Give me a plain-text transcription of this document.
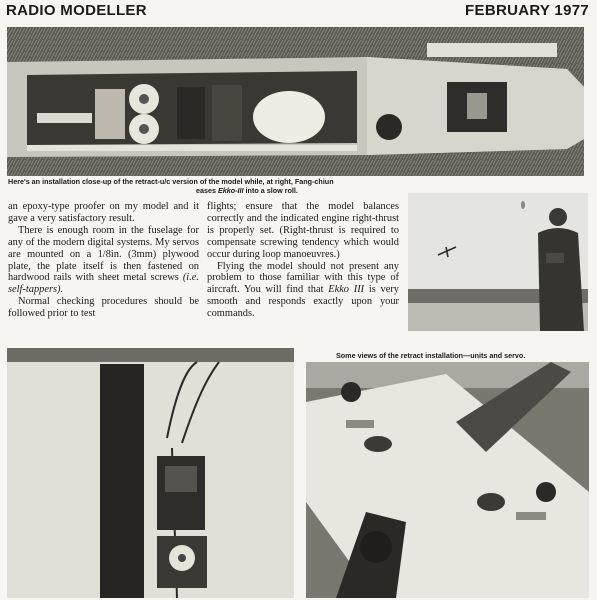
RADIO MODELLER	FEBRUARY 1977
Here's an installation close-up of the retract-u/c version of the model while, at right, Fang-chiun
eases Ekko-III into a slow roll.

an epoxy-type proofer on my model and it gave a very satisfactory result.

There is enough room in the fuselage for any of the modern digital systems. My servos are mounted on a 1/8in. (3mm) plywood plate, the plate itself is then fastened on hardwood rails with sheet metal screws (i.e. self-tappers).

Normal checking procedures should be followed prior to test

flights; ensure that the model balances correctly and the indicated engine right-thrust is properly set. (Right-thrust is required to compensate screwing tendency which would occur during loop manoeuvres.)

Flying the model should not present any problem to those familiar with this type of aircraft. You will find that Ekko III is very smooth and responds exactly upon your commands.

Some views of the retract installation—units and servo.
